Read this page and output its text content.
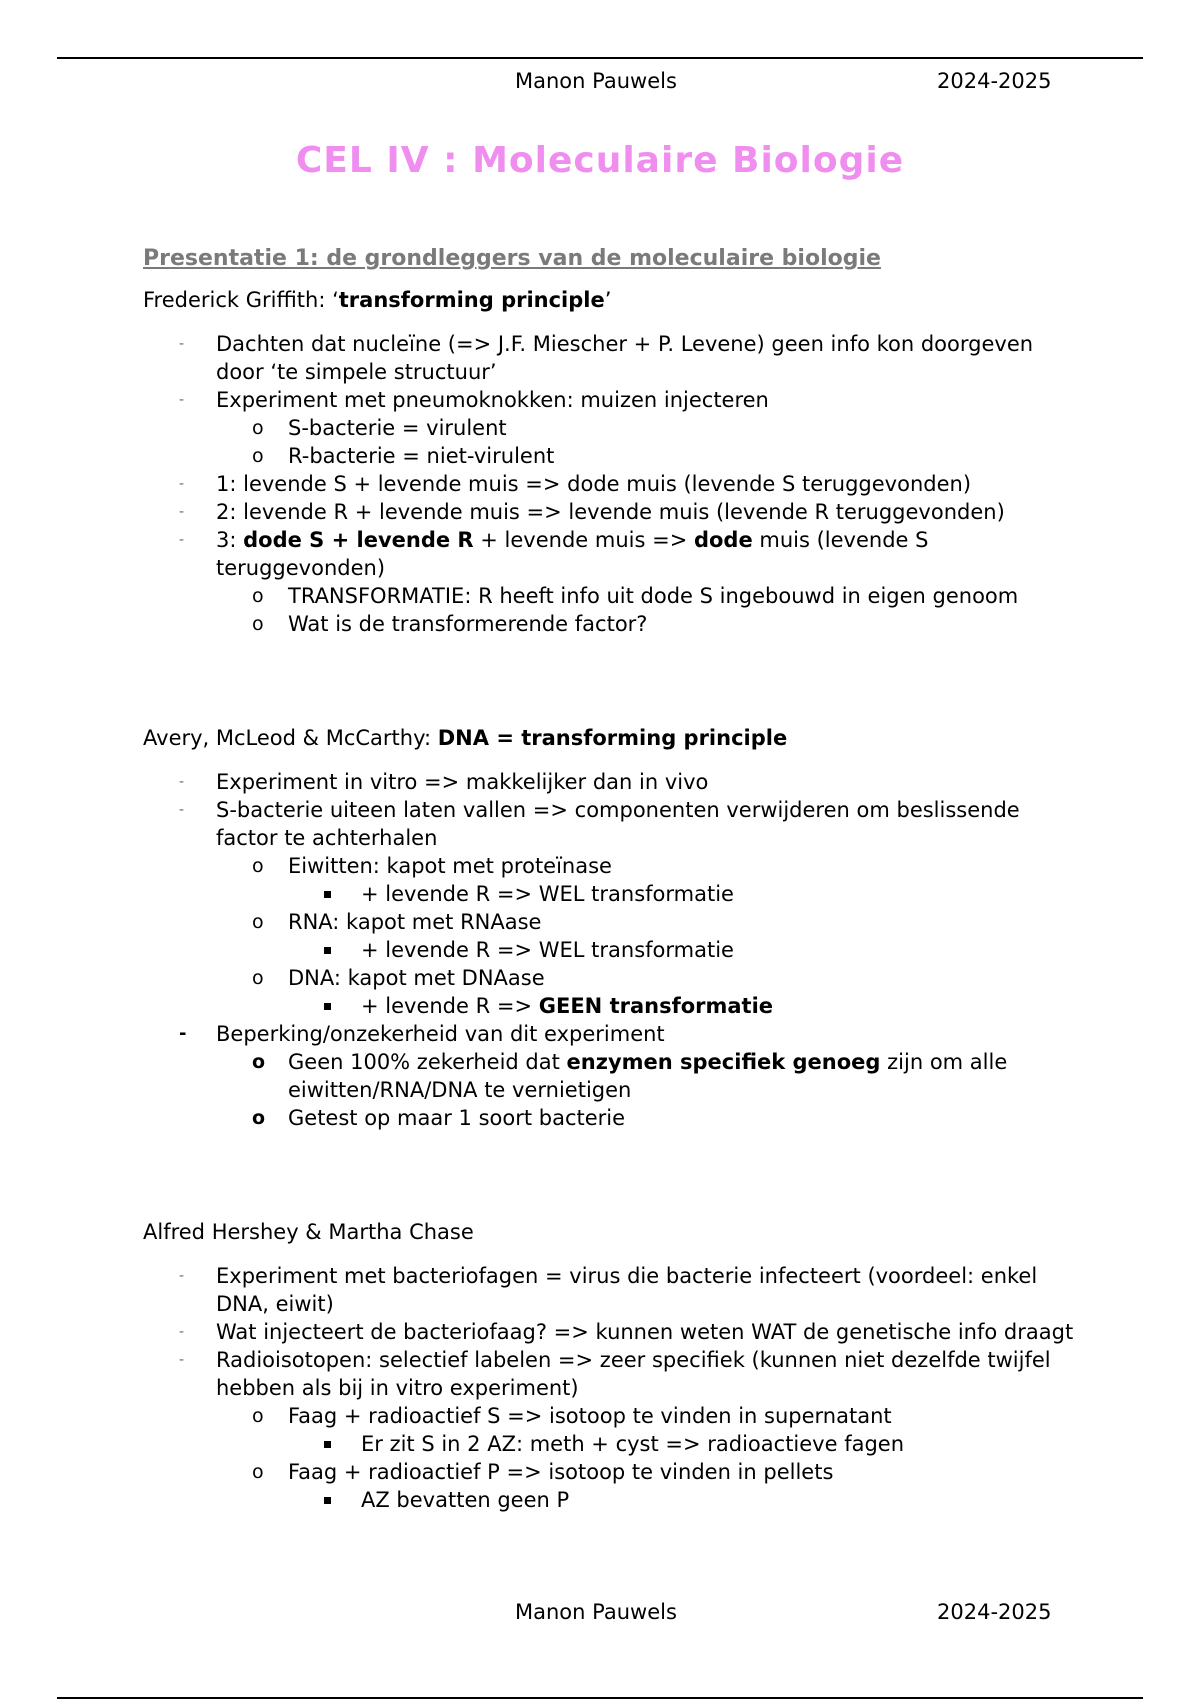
Manon Pauwels	2024-2025
CEL IV : Moleculaire Biologie
Presentatie 1: de grondleggers van de moleculaire biologie
Frederick Griffith: ‘transforming principle’
- Dachten dat nucleïne (=> J.F. Miescher + P. Levene) geen info kon doorgeven door ‘te simpele structuur’
- Experiment met pneumoknokken: muizen injecteren
o S-bacterie = virulent
o R-bacterie = niet-virulent
- 1: levende S + levende muis => dode muis (levende S teruggevonden)
- 2: levende R + levende muis => levende muis (levende R teruggevonden)
- 3: dode S + levende R + levende muis => dode muis (levende S teruggevonden)
o TRANSFORMATIE: R heeft info uit dode S ingebouwd in eigen genoom
o Wat is de transformerende factor?
Avery, McLeod & McCarthy: DNA = transforming principle
- Experiment in vitro => makkelijker dan in vivo
- S-bacterie uiteen laten vallen => componenten verwijderen om beslissende factor te achterhalen
o Eiwitten: kapot met proteïnase
+ levende R => WEL transformatie
o RNA: kapot met RNAase
+ levende R => WEL transformatie
o DNA: kapot met DNAase
+ levende R => GEEN transformatie
- Beperking/onzekerheid van dit experiment
o Geen 100% zekerheid dat enzymen specifiek genoeg zijn om alle eiwitten/RNA/DNA te vernietigen
o Getest op maar 1 soort bacterie
Alfred Hershey & Martha Chase
- Experiment met bacteriofagen = virus die bacterie infecteert (voordeel: enkel DNA, eiwit)
- Wat injecteert de bacteriofaag? => kunnen weten WAT de genetische info draagt
- Radioisotopen: selectief labelen => zeer specifiek (kunnen niet dezelfde twijfel hebben als bij in vitro experiment)
o Faag + radioactief S => isotoop te vinden in supernatant
Er zit S in 2 AZ: meth + cyst => radioactieve fagen
o Faag + radioactief P => isotoop te vinden in pellets
AZ bevatten geen P
Manon Pauwels	2024-2025
